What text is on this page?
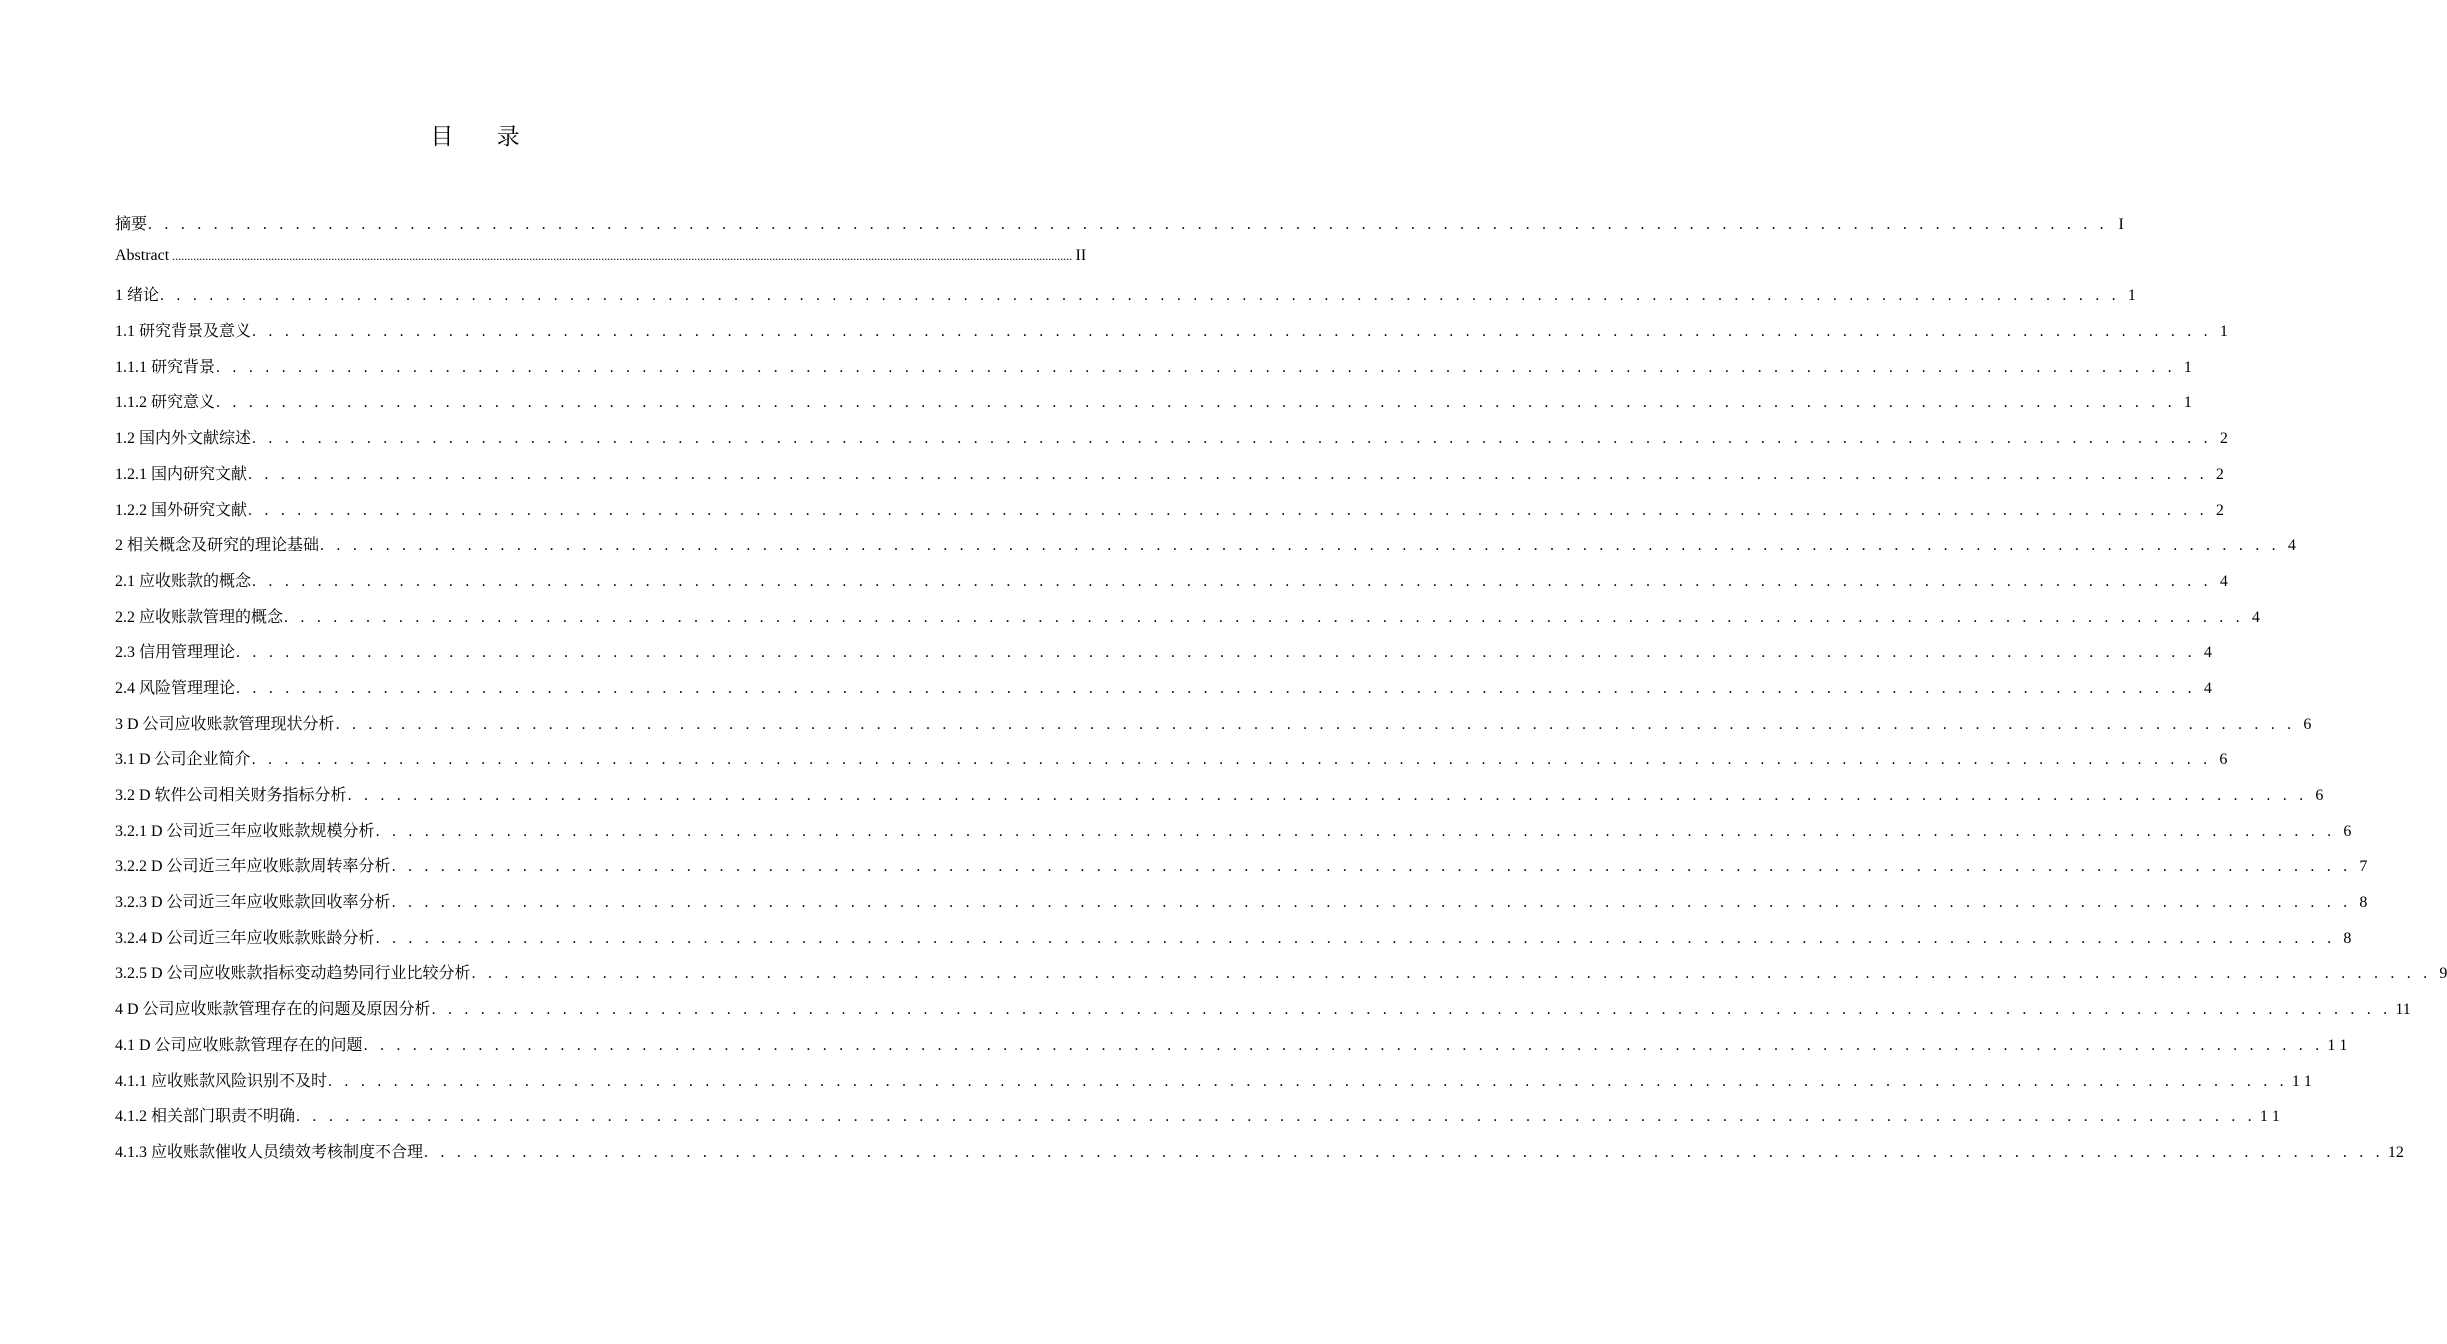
目 录
摘要 . . . . . . . . . . . . . . . . . . . . . . . . . . . . . . . . . . . . . . . . . . . . . . . . . . . . . . . . . . . . . . . . . . . . . . . . . . . . . . . . . . . . . . . . . . . . . . . . . . . . . . . . . . . . . . . . . . . . . . . . I
Abstract ............................................................................................................................................................................................................................................................................................................ II
1 绪论 . . . . . . . . . . . . . . . . . . . . . . . . . . . . . . . . . . . . . . . . . . . . . . . . . . . . . . . . . . . . . . . . . . . . . . . . . . . . . . . . . . . . . . . . . . . . . . . . . . . . . . . . . . . . . . . . . . . . . . . . 1
1.1 研究背景及意义 . . . . . . . . . . . . . . . . . . . . . . . . . . . . . . . . . . . . . . . . . . . . . . . . . . . . . . . . . . . . . . . . . . . . . . . . . . . . . . . . . . . . . . . . . . . . . . . . . . . . . . . . . . . . . . . . . . . . . . . . 1
1.1.1 研究背景 . . . . . . . . . . . . . . . . . . . . . . . . . . . . . . . . . . . . . . . . . . . . . . . . . . . . . . . . . . . . . . . . . . . . . . . . . . . . . . . . . . . . . . . . . . . . . . . . . . . . . . . . . . . . . . . . . . . . . . . . 1
1.1.2 研究意义 . . . . . . . . . . . . . . . . . . . . . . . . . . . . . . . . . . . . . . . . . . . . . . . . . . . . . . . . . . . . . . . . . . . . . . . . . . . . . . . . . . . . . . . . . . . . . . . . . . . . . . . . . . . . . . . . . . . . . . . . 1
1.2 国内外文献综述 . . . . . . . . . . . . . . . . . . . . . . . . . . . . . . . . . . . . . . . . . . . . . . . . . . . . . . . . . . . . . . . . . . . . . . . . . . . . . . . . . . . . . . . . . . . . . . . . . . . . . . . . . . . . . . . . . . . . . . . . 2
1.2.1 国内研究文献 . . . . . . . . . . . . . . . . . . . . . . . . . . . . . . . . . . . . . . . . . . . . . . . . . . . . . . . . . . . . . . . . . . . . . . . . . . . . . . . . . . . . . . . . . . . . . . . . . . . . . . . . . . . . . . . . . . . . . . . . 2
1.2.2 国外研究文献 . . . . . . . . . . . . . . . . . . . . . . . . . . . . . . . . . . . . . . . . . . . . . . . . . . . . . . . . . . . . . . . . . . . . . . . . . . . . . . . . . . . . . . . . . . . . . . . . . . . . . . . . . . . . . . . . . . . . . . . . 2
2 相关概念及研究的理论基础 . . . . . . . . . . . . . . . . . . . . . . . . . . . . . . . . . . . . . . . . . . . . . . . . . . . . . . . . . . . . . . . . . . . . . . . . . . . . . . . . . . . . . . . . . . . . . . . . . . . . . . . . . . . . . . . . . . . . . . . . 4
2.1 应收账款的概念 . . . . . . . . . . . . . . . . . . . . . . . . . . . . . . . . . . . . . . . . . . . . . . . . . . . . . . . . . . . . . . . . . . . . . . . . . . . . . . . . . . . . . . . . . . . . . . . . . . . . . . . . . . . . . . . . . . . . . . . . 4
2.2 应收账款管理的概念 . . . . . . . . . . . . . . . . . . . . . . . . . . . . . . . . . . . . . . . . . . . . . . . . . . . . . . . . . . . . . . . . . . . . . . . . . . . . . . . . . . . . . . . . . . . . . . . . . . . . . . . . . . . . . . . . . . . . . . . . 4
2.3 信用管理理论 . . . . . . . . . . . . . . . . . . . . . . . . . . . . . . . . . . . . . . . . . . . . . . . . . . . . . . . . . . . . . . . . . . . . . . . . . . . . . . . . . . . . . . . . . . . . . . . . . . . . . . . . . . . . . . . . . . . . . . . . 4
2.4 风险管理理论 . . . . . . . . . . . . . . . . . . . . . . . . . . . . . . . . . . . . . . . . . . . . . . . . . . . . . . . . . . . . . . . . . . . . . . . . . . . . . . . . . . . . . . . . . . . . . . . . . . . . . . . . . . . . . . . . . . . . . . . . 4
3 D 公司应收账款管理现状分析 . . . . . . . . . . . . . . . . . . . . . . . . . . . . . . . . . . . . . . . . . . . . . . . . . . . . . . . . . . . . . . . . . . . . . . . . . . . . . . . . . . . . . . . . . . . . . . . . . . . . . . . . . . . . . . . . . . . . . . . . 6
3.1 D 公司企业简介 . . . . . . . . . . . . . . . . . . . . . . . . . . . . . . . . . . . . . . . . . . . . . . . . . . . . . . . . . . . . . . . . . . . . . . . . . . . . . . . . . . . . . . . . . . . . . . . . . . . . . . . . . . . . . . . . . . . . . . . . 6
3.2 D 软件公司相关财务指标分析 . . . . . . . . . . . . . . . . . . . . . . . . . . . . . . . . . . . . . . . . . . . . . . . . . . . . . . . . . . . . . . . . . . . . . . . . . . . . . . . . . . . . . . . . . . . . . . . . . . . . . . . . . . . . . . . . . . . . . . . . 6
3.2.1 D 公司近三年应收账款规模分析 . . . . . . . . . . . . . . . . . . . . . . . . . . . . . . . . . . . . . . . . . . . . . . . . . . . . . . . . . . . . . . . . . . . . . . . . . . . . . . . . . . . . . . . . . . . . . . . . . . . . . . . . . . . . . . . . . . . . . . . . 6
3.2.2 D 公司近三年应收账款周转率分析 . . . . . . . . . . . . . . . . . . . . . . . . . . . . . . . . . . . . . . . . . . . . . . . . . . . . . . . . . . . . . . . . . . . . . . . . . . . . . . . . . . . . . . . . . . . . . . . . . . . . . . . . . . . . . . . . . . . . . . . . 7
3.2.3 D 公司近三年应收账款回收率分析 . . . . . . . . . . . . . . . . . . . . . . . . . . . . . . . . . . . . . . . . . . . . . . . . . . . . . . . . . . . . . . . . . . . . . . . . . . . . . . . . . . . . . . . . . . . . . . . . . . . . . . . . . . . . . . . . . . . . . . . . 8
3.2.4 D 公司近三年应收账款账龄分析 . . . . . . . . . . . . . . . . . . . . . . . . . . . . . . . . . . . . . . . . . . . . . . . . . . . . . . . . . . . . . . . . . . . . . . . . . . . . . . . . . . . . . . . . . . . . . . . . . . . . . . . . . . . . . . . . . . . . . . . . 8
3.2.5 D 公司应收账款指标变动趋势同行业比较分析 . . . . . . . . . . . . . . . . . . . . . . . . . . . . . . . . . . . . . . . . . . . . . . . . . . . . . . . . . . . . . . . . . . . . . . . . . . . . . . . . . . . . . . . . . . . . . . . . . . . . . . . . . . . . . . . . . . . . . . . . 9
4 D 公司应收账款管理存在的问题及原因分析 . . . . . . . . . . . . . . . . . . . . . . . . . . . . . . . . . . . . . . . . . . . . . . . . . . . . . . . . . . . . . . . . . . . . . . . . . . . . . . . . . . . . . . . . . . . . . . . . . . . . . . . . . . . . . . . . . . . . . . . . 11
4.1 D 公司应收账款管理存在的问题 . . . . . . . . . . . . . . . . . . . . . . . . . . . . . . . . . . . . . . . . . . . . . . . . . . . . . . . . . . . . . . . . . . . . . . . . . . . . . . . . . . . . . . . . . . . . . . . . . . . . . . . . . . . . . . . . . . . . . . . . 1 1
4.1.1 应收账款风险识别不及时 . . . . . . . . . . . . . . . . . . . . . . . . . . . . . . . . . . . . . . . . . . . . . . . . . . . . . . . . . . . . . . . . . . . . . . . . . . . . . . . . . . . . . . . . . . . . . . . . . . . . . . . . . . . . . . . . . . . . . . . . 1 1
4.1.2 相关部门职责不明确 . . . . . . . . . . . . . . . . . . . . . . . . . . . . . . . . . . . . . . . . . . . . . . . . . . . . . . . . . . . . . . . . . . . . . . . . . . . . . . . . . . . . . . . . . . . . . . . . . . . . . . . . . . . . . . . . . . . . . . . . 1 1
4.1.3 应收账款催收人员绩效考核制度不合理 . . . . . . . . . . . . . . . . . . . . . . . . . . . . . . . . . . . . . . . . . . . . . . . . . . . . . . . . . . . . . . . . . . . . . . . . . . . . . . . . . . . . . . . . . . . . . . . . . . . . . . . . . . . . . . . . . . . . . . . . 12
